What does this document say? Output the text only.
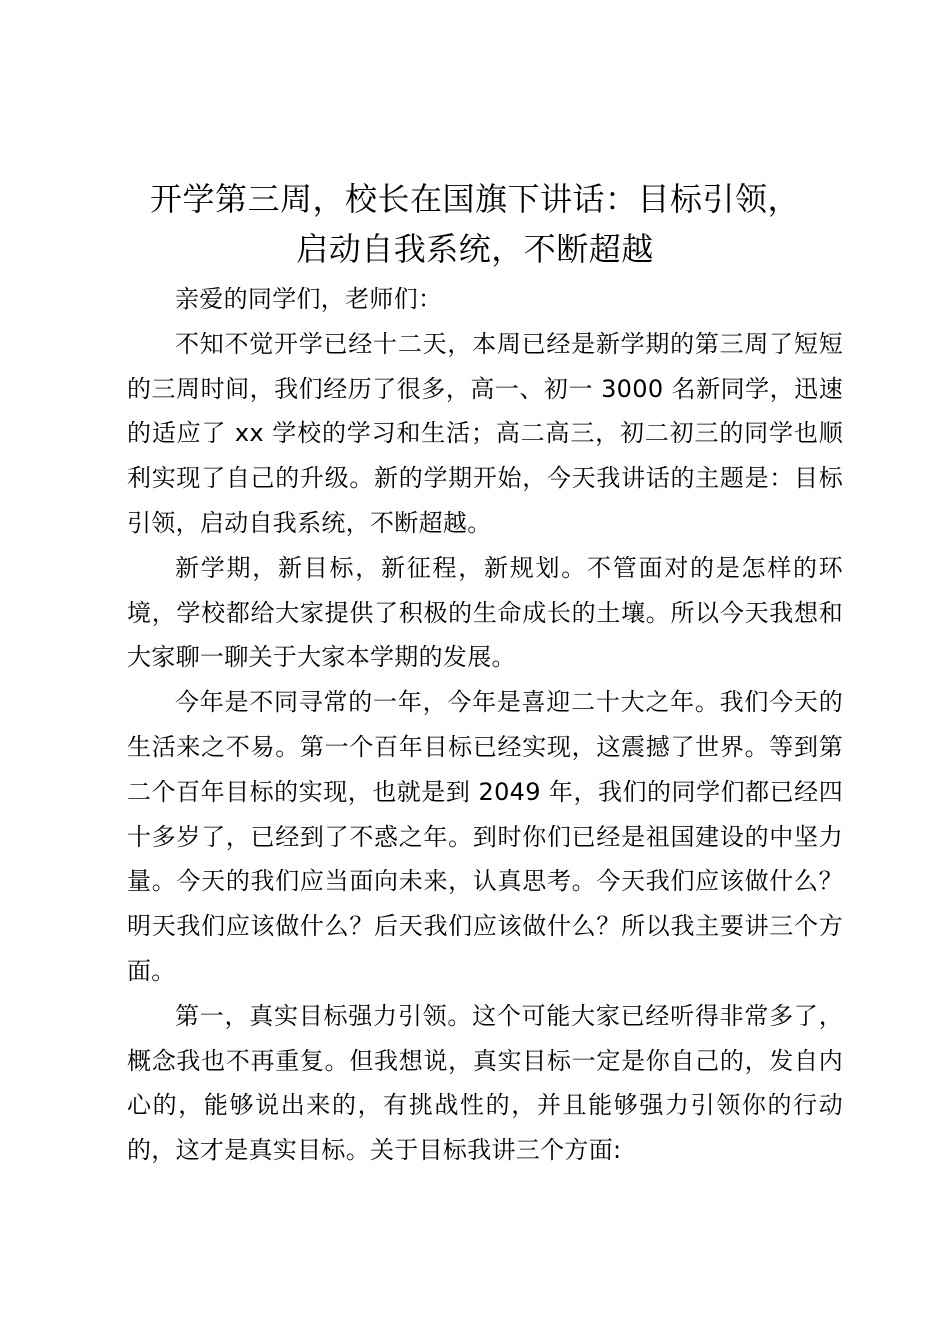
开学第三周，校长在国旗下讲话：目标引领，
启动自我系统，不断超越

亲爱的同学们，老师们：

不知不觉开学已经十二天，本周已经是新学期的第三周了短短的三周时间，我们经历了很多，高一、初一 3000 名新同学，迅速的适应了 xx 学校的学习和生活；高二高三，初二初三的同学也顺利实现了自己的升级。新的学期开始，今天我讲话的主题是：目标引领，启动自我系统，不断超越。

新学期，新目标，新征程，新规划。不管面对的是怎样的环境，学校都给大家提供了积极的生命成长的土壤。所以今天我想和大家聊一聊关于大家本学期的发展。

今年是不同寻常的一年，今年是喜迎二十大之年。我们今天的生活来之不易。第一个百年目标已经实现，这震撼了世界。等到第二个百年目标的实现，也就是到 2049 年，我们的同学们都已经四十多岁了，已经到了不惑之年。到时你们已经是祖国建设的中坚力量。今天的我们应当面向未来，认真思考。今天我们应该做什么？明天我们应该做什么？后天我们应该做什么？所以我主要讲三个方面。

第一，真实目标强力引领。这个可能大家已经听得非常多了，概念我也不再重复。但我想说，真实目标一定是你自己的，发自内心的，能够说出来的，有挑战性的，并且能够强力引领你的行动的，这才是真实目标。关于目标我讲三个方面:
